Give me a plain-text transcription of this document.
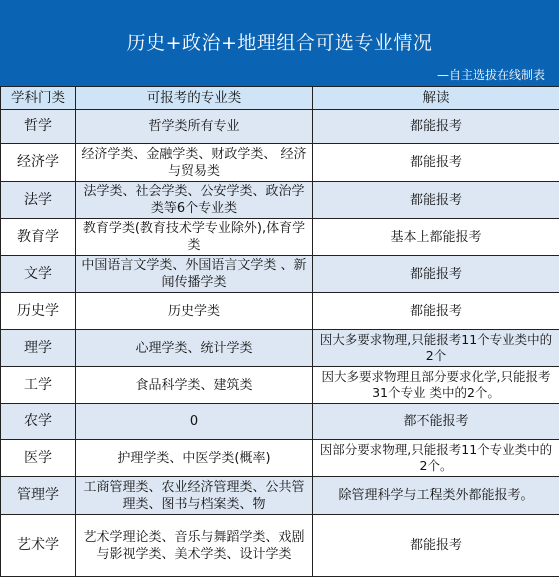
历史+政治+地理组合可选专业情况
—自主选拔在线制表
学科门类	可报考的专业类	解读
哲学	哲学类所有专业	都能报考
经济学	经济学类、金融学类、财政学类、 经济与贸易类	都能报考
法学	法学类、社会学类、公安学类、政治学类等6个专业类	都能报考
教育学	教育学类(教育技术学专业除外),体育学类	基本上都能报考
文学	中国语言文学类、外国语言文学类 、新闻传播学类	都能报考
历史学	历史学类	都能报考
理学	心理学类、统计学类	因大多要求物理,只能报考11个专业类中的2个
工学	食品科学类、建筑类	因大多要求物理且部分要求化学,只能报考31个专业 类中的2个。
农学	0	都不能报考
医学	护理学类、中医学类(概率)	因部分要求物理,只能报考11个专业类中的2个。
管理学	工商管理类、农业经济管理类、公共管理类、图书与档案类、物	除管理科学与工程类外都能报考。
艺术学	艺术学理论类、音乐与舞蹈学类、戏剧与影视学类、美术学类、设计学类	都能报考
